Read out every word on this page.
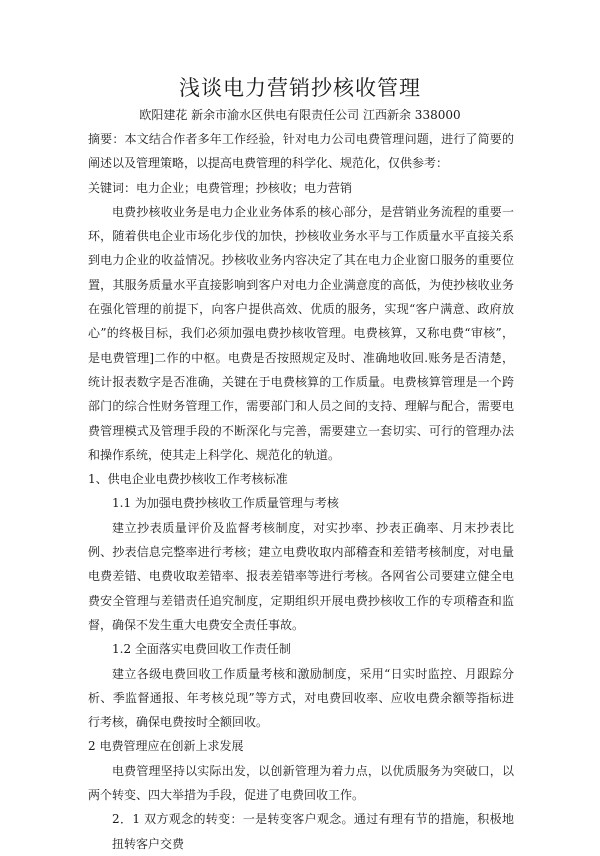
浅谈电力营销抄核收管理

欧阳建花 新余市渝水区供电有限责任公司 江西新余 338000

摘要：本文结合作者多年工作经验，针对电力公司电费管理问题，进行了简要的阐述以及管理策略，以提高电费管理的科学化、规范化，仅供参考：

关键词：电力企业；电费管理；抄核收；电力营销

电费抄核收业务是电力企业业务体系的核心部分，是营销业务流程的重要一环，随着供电企业市场化步伐的加快，抄核收业务水平与工作质量水平直接关系到电力企业的收益情况。抄核收业务内容决定了其在电力企业窗口服务的重要位置，其服务质量水平直接影响到客户对电力企业满意度的高低，为使抄核收业务在强化管理的前提下，向客户提供高效、优质的服务，实现“客户满意、政府放心”的终极目标，我们必须加强电费抄核收管理。电费核算，又称电费“审核”，是电费管理]二作的中枢。电费是否按照规定及时、准确地收回.账务是否清楚，统计报表数字是否准确，关键在于电费核算的工作质量。电费核算管理是一个跨部门的综合性财务管理工作，需要部门和人员之间的支持、理解与配合，需要电费管理模式及管理手段的不断深化与完善，需要建立一套切实、可行的管理办法和操作系统，使其走上科学化、规范化的轨道。

1、供电企业电费抄核收工作考核标准

1.1 为加强电费抄核收工作质量管理与考核

建立抄表质量评价及监督考核制度，对实抄率、抄表正确率、月末抄表比例、抄表信息完整率进行考核；建立电费收取内部稽查和差错考核制度，对电量电费差错、电费收取差错率、报表差错率等进行考核。各网省公司要建立健全电费安全管理与差错责任追究制度，定期组织开展电费抄核收工作的专项稽查和监督，确保不发生重大电费安全责任事故。

1.2 全面落实电费回收工作责任制

建立各级电费回收工作质量考核和激励制度，采用“日实时监控、月跟踪分析、季监督通报、年考核兑现”等方式，对电费回收率、应收电费余额等指标进行考核，确保电费按时全额回收。

2 电费管理应在创新上求发展

电费管理坚持以实际出发，以创新管理为着力点，以优质服务为突破口，以两个转变、四大举措为手段，促进了电费回收工作。

2．1 双方观念的转变：一是转变客户观念。通过有理有节的措施，积极地扭转客户交费
